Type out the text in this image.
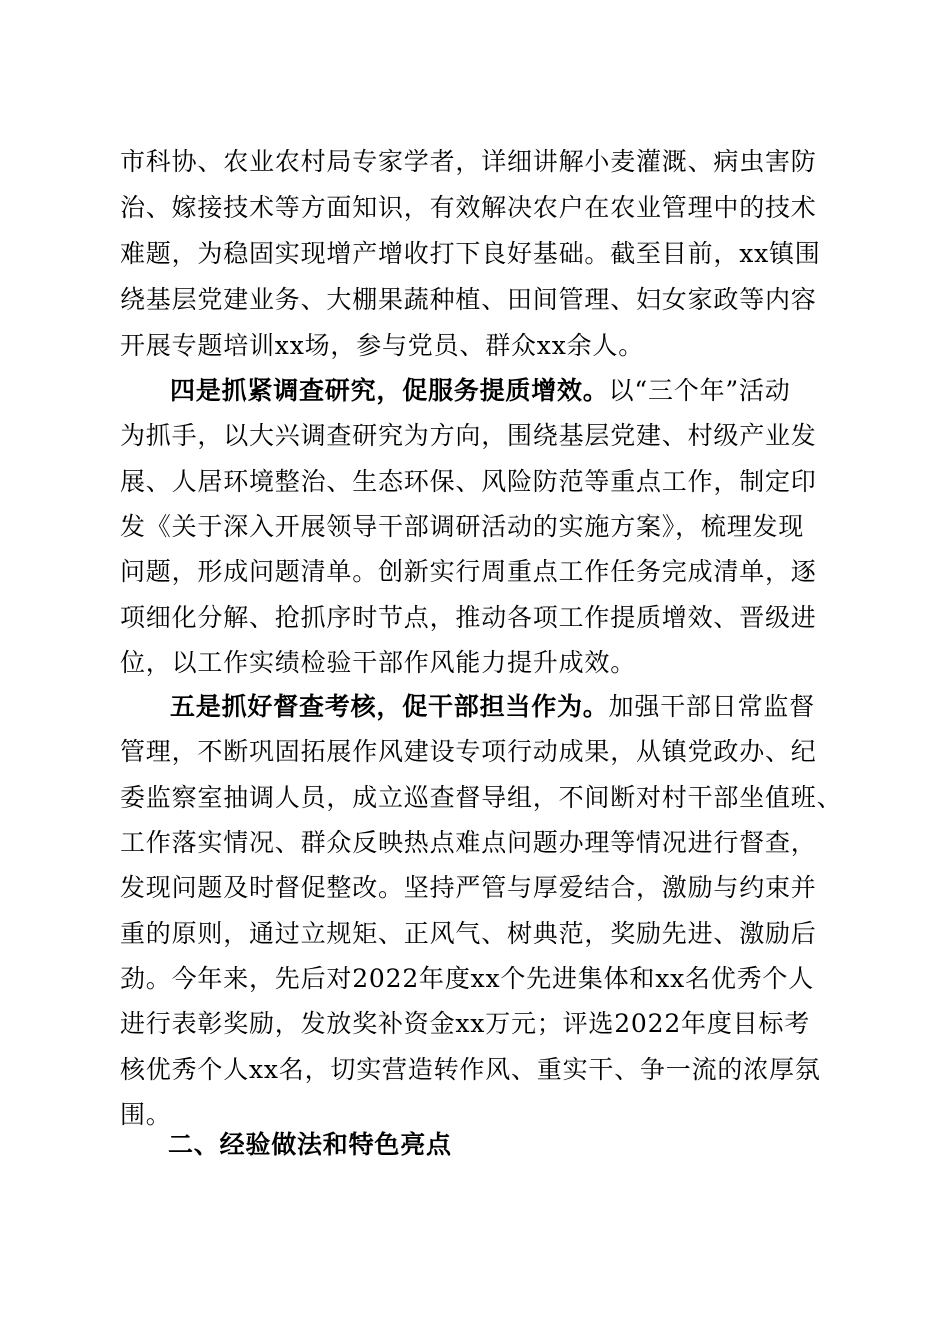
市科协、农业农村局专家学者，详细讲解小麦灌溉、病虫害防
治、嫁接技术等方面知识，有效解决农户在农业管理中的技术
难题，为稳固实现增产增收打下良好基础。截至目前，xx镇围
绕基层党建业务、大棚果蔬种植、田间管理、妇女家政等内容
开展专题培训xx场，参与党员、群众xx余人。
四是抓紧调查研究，促服务提质增效。以“三个年”活动
为抓手，以大兴调查研究为方向，围绕基层党建、村级产业发
展、人居环境整治、生态环保、风险防范等重点工作，制定印
发《关于深入开展领导干部调研活动的实施方案》，梳理发现
问题，形成问题清单。创新实行周重点工作任务完成清单，逐
项细化分解、抢抓序时节点，推动各项工作提质增效、晋级进
位，以工作实绩检验干部作风能力提升成效。
五是抓好督查考核，促干部担当作为。加强干部日常监督
管理，不断巩固拓展作风建设专项行动成果，从镇党政办、纪
委监察室抽调人员，成立巡查督导组，不间断对村干部坐值班、
工作落实情况、群众反映热点难点问题办理等情况进行督查，
发现问题及时督促整改。坚持严管与厚爱结合，激励与约束并
重的原则，通过立规矩、正风气、树典范，奖励先进、激励后
劲。今年来，先后对2022年度xx个先进集体和xx名优秀个人
进行表彰奖励，发放奖补资金xx万元；评选2022年度目标考
核优秀个人xx名，切实营造转作风、重实干、争一流的浓厚氛
围。
二、经验做法和特色亮点
